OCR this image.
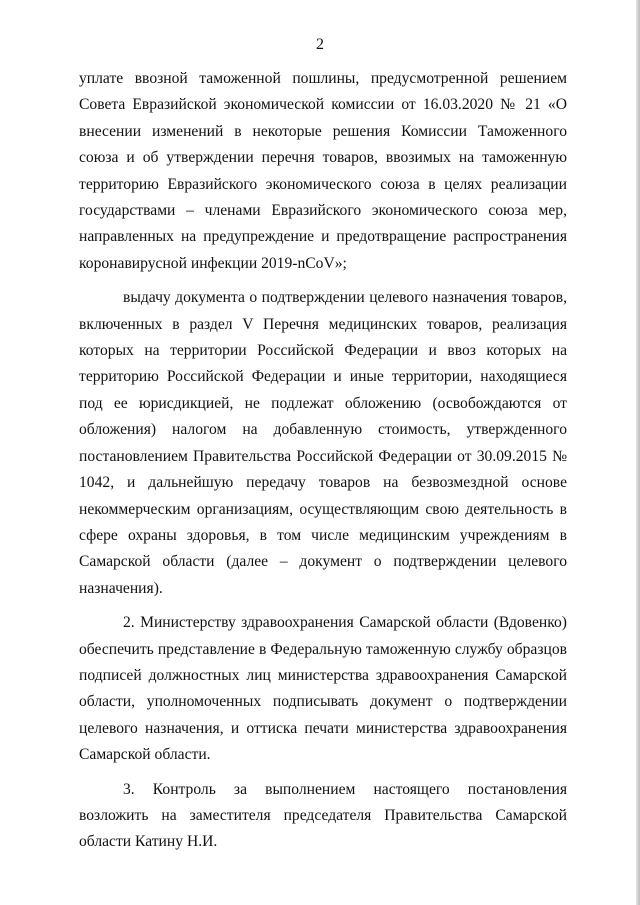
2

уплате ввозной таможенной пошлины, предусмотренной решением Совета Евразийской экономической комиссии от 16.03.2020 № 21 «О внесении изменений в некоторые решения Комиссии Таможенного союза и об утверждении перечня товаров, ввозимых на таможенную территорию Евразийского экономического союза в целях реализации государствами – членами Евразийского экономического союза мер, направленных на предупреждение и предотвращение распространения коронавирусной инфекции 2019-nCoV»;

выдачу документа о подтверждении целевого назначения товаров, включенных в раздел V Перечня медицинских товаров, реализация которых на территории Российской Федерации и ввоз которых на территорию Российской Федерации и иные территории, находящиеся под ее юрисдикцией, не подлежат обложению (освобождаются от обложения) налогом на добавленную стоимость, утвержденного постановлением Правительства Российской Федерации от 30.09.2015 № 1042, и дальнейшую передачу товаров на безвозмездной основе некоммерческим организациям, осуществляющим свою деятельность в сфере охраны здоровья, в том числе медицинским учреждениям в Самарской области (далее – документ о подтверждении целевого назначения).

2. Министерству здравоохранения Самарской области (Вдовенко) обеспечить представление в Федеральную таможенную службу образцов подписей должностных лиц министерства здравоохранения Самарской области, уполномоченных подписывать документ о подтверждении целевого назначения, и оттиска печати министерства здравоохранения Самарской области.

3. Контроль за выполнением настоящего постановления возложить на заместителя председателя Правительства Самарской области Катину Н.И.
